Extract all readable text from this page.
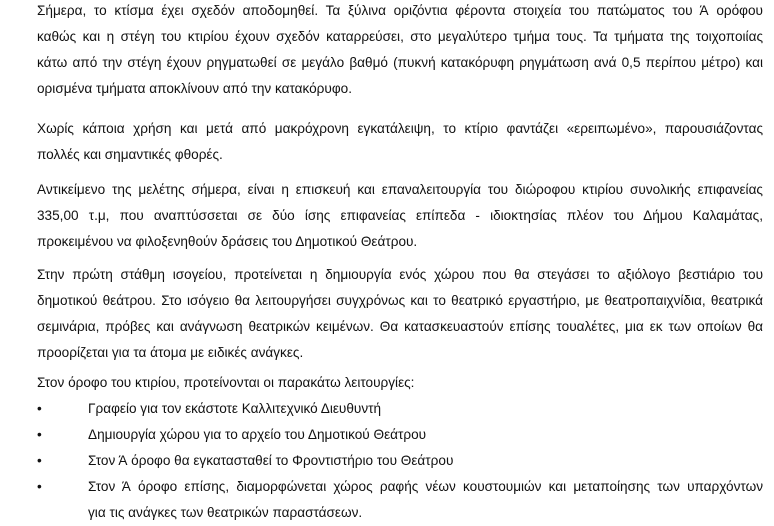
Σήμερα, το κτίσμα έχει σχεδόν αποδομηθεί. Τα ξύλινα οριζόντια φέροντα στοιχεία του πατώματος του Ά ορόφου
καθώς και η στέγη του κτιρίου έχουν σχεδόν καταρρεύσει, στο μεγαλύτερο τμήμα τους. Τα τμήματα της τοιχοποιίας
κάτω από την στέγη έχουν ρηγματωθεί σε μεγάλο βαθμό (πυκνή κατακόρυφη ρηγμάτωση ανά 0,5 περίπου μέτρο) και
ορισμένα τμήματα αποκλίνουν από την κατακόρυφο.

Χωρίς κάποια χρήση και μετά από μακρόχρονη εγκατάλειψη, το κτίριο φαντάζει «ερειπωμένο», παρουσιάζοντας
πολλές και σημαντικές φθορές.

Αντικείμενο της μελέτης σήμερα, είναι η επισκευή και επαναλειτουργία του διώροφου κτιρίου συνολικής επιφανείας
335,00 τ.μ, που αναπτύσσεται σε δύο ίσης επιφανείας επίπεδα - ιδιοκτησίας πλέον του Δήμου Καλαμάτας,
προκειμένου να φιλοξενηθούν δράσεις του Δημοτικού Θεάτρου.

Στην πρώτη στάθμη ισογείου, προτείνεται η δημιουργία ενός χώρου που θα στεγάσει το αξιόλογο βεστιάριο του
δημοτικού θεάτρου. Στο ισόγειο θα λειτουργήσει συγχρόνως και το θεατρικό εργαστήριο, με θεατροπαιχνίδια, θεατρικά
σεμινάρια, πρόβες και ανάγνωση θεατρικών κειμένων. Θα κατασκευαστούν επίσης τουαλέτες, μια εκ των οποίων θα
προορίζεται για τα άτομα με ειδικές ανάγκες.

Στον όροφο του κτιρίου, προτείνονται οι παρακάτω λειτουργίες:

•	Γραφείο για τον εκάστοτε Καλλιτεχνικό Διευθυντή
•	Δημιουργία χώρου για το αρχείο του Δημοτικού Θεάτρου
•	Στον Ά όροφο θα εγκατασταθεί το Φροντιστήριο του Θεάτρου
•	Στον Ά όροφο επίσης, διαμορφώνεται χώρος ραφής νέων κουστουμιών και μεταποίησης των υπαρχόντων
για τις ανάγκες των θεατρικών παραστάσεων.
